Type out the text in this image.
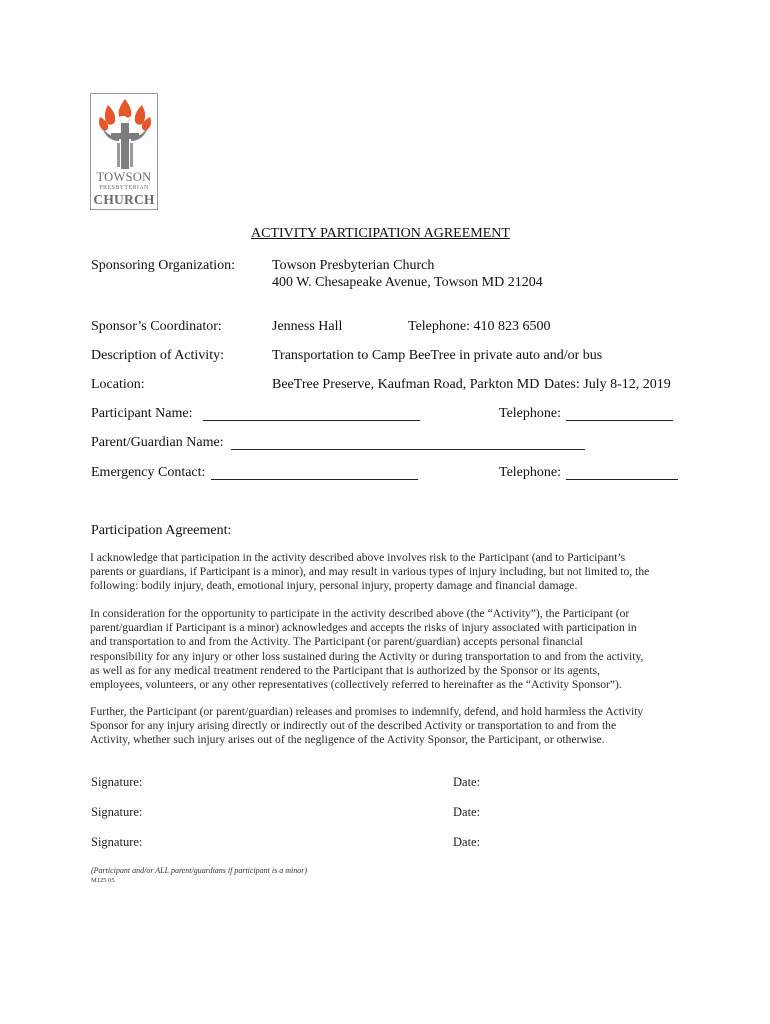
TOWSON
PRESBYTERIAN
CHURCH
ACTIVITY PARTICIPATION AGREEMENT
Sponsoring Organization:	Towson Presbyterian Church
400 W. Chesapeake Avenue, Towson MD 21204
Sponsor’s Coordinator:	Jenness Hall	Telephone: 410 823 6500
Description of Activity:	Transportation to Camp BeeTree in private auto and/or bus
Location:	BeeTree Preserve, Kaufman Road, Parkton MD Dates: July 8-12, 2019
Participant Name:	Telephone:
Parent/Guardian Name:
Emergency Contact:	Telephone:
Participation Agreement:
I acknowledge that participation in the activity described above involves risk to the Participant (and to Participant’s
parents or guardians, if Participant is a minor), and may result in various types of injury including, but not limited to, the
following: bodily injury, death, emotional injury, personal injury, property damage and financial damage.
In consideration for the opportunity to participate in the activity described above (the “Activity”), the Participant (or
parent/guardian if Participant is a minor) acknowledges and accepts the risks of injury associated with participation in
and transportation to and from the Activity. The Participant (or parent/guardian) accepts personal financial
responsibility for any injury or other loss sustained during the Activity or during transportation to and from the activity,
as well as for any medical treatment rendered to the Participant that is authorized by the Sponsor or its agents,
employees, volunteers, or any other representatives (collectively referred to hereinafter as the “Activity Sponsor”).
Further, the Participant (or parent/guardian) releases and promises to indemnify, defend, and hold harmless the Activity
Sponsor for any injury arising directly or indirectly out of the described Activity or transportation to and from the
Activity, whether such injury arises out of the negligence of the Activity Sponsor, the Participant, or otherwise.
Signature:	Date:
Signature:	Date:
Signature:	Date:
(Participant and/or ALL parent/guardians if participant is a minor)
M125 05
